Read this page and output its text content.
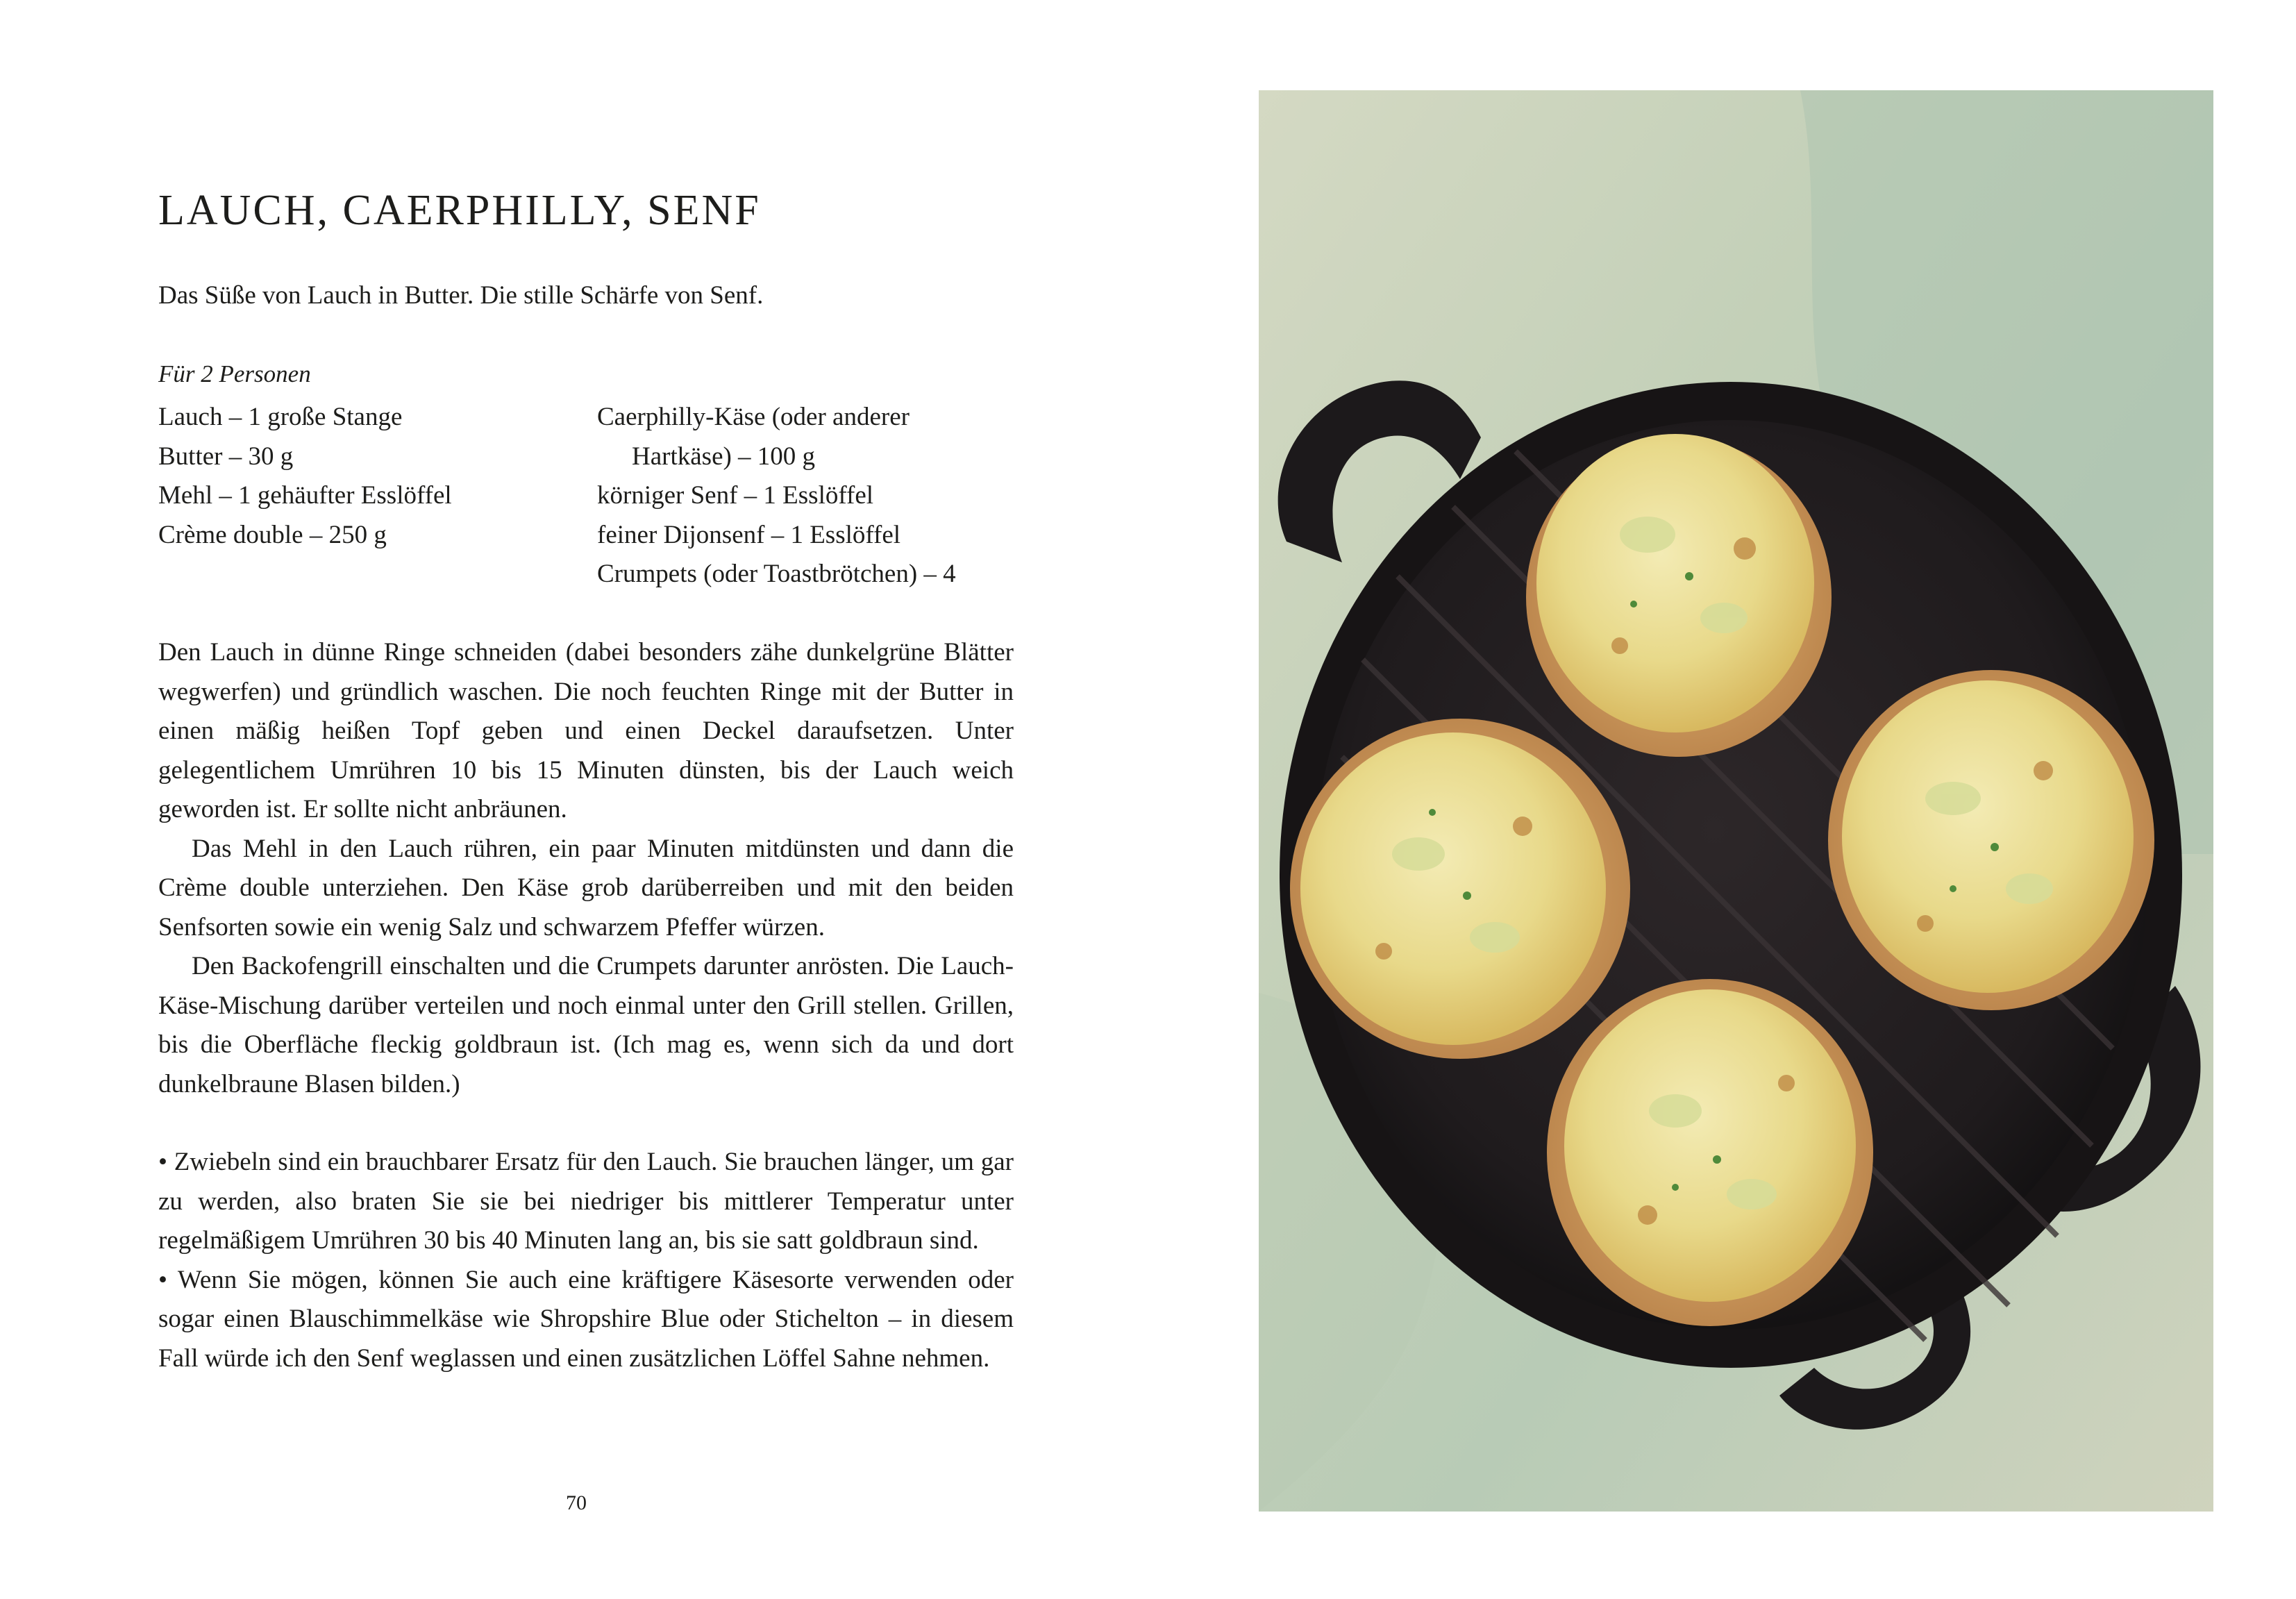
LAUCH, CAERPHILLY, SENF
Das Süße von Lauch in Butter. Die stille Schärfe von Senf.
Für 2 Personen
Lauch – 1 große Stange
Butter – 30 g
Mehl – 1 gehäufter Esslöffel
Crème double – 250 g
Caerphilly-Käse (oder anderer
Hartkäse) – 100 g
körniger Senf – 1 Esslöffel
feiner Dijonsenf – 1 Esslöffel
Crumpets (oder Toastbrötchen) – 4

Den Lauch in dünne Ringe schneiden (dabei besonders zähe dunkelgrüne Blätter wegwerfen) und gründlich waschen. Die noch feuchten Ringe mit der Butter in einen mäßig heißen Topf geben und einen Deckel daraufsetzen. Unter gelegentlichem Umrühren 10 bis 15 Minuten dünsten, bis der Lauch weich geworden ist. Er sollte nicht anbräunen.

Das Mehl in den Lauch rühren, ein paar Minuten mitdünsten und dann die Crème double unterziehen. Den Käse grob darüberreiben und mit den beiden Senfsorten sowie ein wenig Salz und schwarzem Pfeffer würzen.

Den Backofengrill einschalten und die Crumpets darunter anrösten. Die Lauch-Käse-Mischung darüber verteilen und noch einmal unter den Grill stellen. Grillen, bis die Oberfläche fleckig goldbraun ist. (Ich mag es, wenn sich da und dort dunkelbraune Blasen bilden.)

• Zwiebeln sind ein brauchbarer Ersatz für den Lauch. Sie brauchen länger, um gar zu werden, also braten Sie sie bei niedriger bis mittlerer Temperatur unter regelmäßigem Umrühren 30 bis 40 Minuten lang an, bis sie satt goldbraun sind.

• Wenn Sie mögen, können Sie auch eine kräftigere Käsesorte verwenden oder sogar einen Blauschimmelkäse wie Shropshire Blue oder Stichelton – in diesem Fall würde ich den Senf weglassen und einen zusätzlichen Löffel Sahne nehmen.

70
